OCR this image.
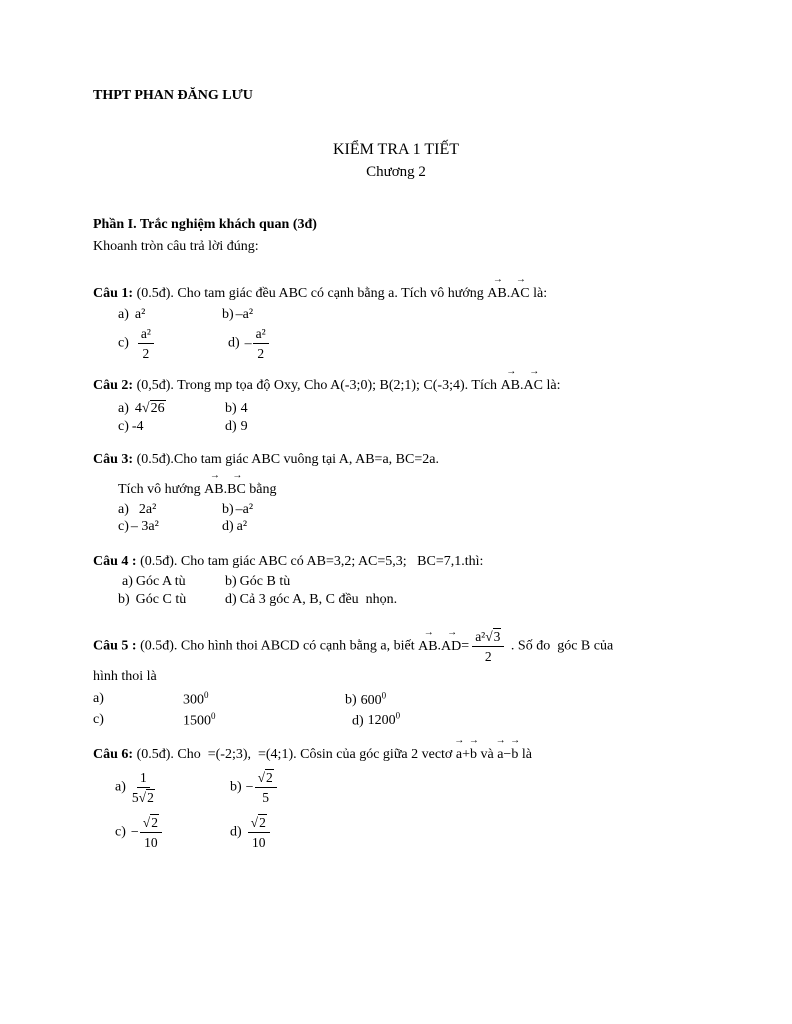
THPT PHAN ĐĂNG LƯU
KIỂM TRA 1 TIẾT
Chương 2
Phần I. Trắc nghiệm khách quan (3đ)
Khoanh tròn câu trả lời đúng:
Câu 1: (0.5đ). Cho tam giác đều ABC có cạnh bằng a. Tích vô hướng
→
AB.
→
AC là:
a) a²	b) –a²
$c) \frac{\text{a²}}{2}$	$d) - \frac{\text{a²}}{2}$
Câu 2: (0,5đ). Trong mp tọa độ Oxy, Cho A(-3;0); B(2;1); C(-3;4). Tích
→
AB.
→
AC là:
a) 4√26	b) 4
c) -4	d) 9
Câu 3: (0.5đ).Cho tam giác ABC vuông tại A, AB=a, BC=2a.
Tích vô hướng
→
AB.
→
BC bằng
a) 2a²	b) –a²
c) – 3a²	d) a²
Câu 4 : (0.5đ). Cho tam giác ABC có AB=3,2; AC=5,3;   BC=7,1.thì:
a) Góc A tù	b) Góc B tù
b) Góc C tù	d) Cả 3 góc A, B, C đều  nhọn.
Câu 5 : (0.5đ). Cho hình thoi ABCD có cạnh bằng a, biết
→
AB.
→
$AD= \frac{\text{a²√3}}{2}$ . Số đo  góc B của
hình thoi là
a)	$300^0$	b) $600^0$
c)	1500$^0$	d) 1200$^0$
Câu 6: (0.5đ). Cho  =(-2;3),  =(4;1). Côsin của góc giữa 2 vectơ
→
a+
→
b và
→
a−
→
b là
$a) \frac{1}{5√2}$	$b) - \frac{√2}{5}$
$c) - \frac{√2}{10}$	$d) \frac{√2}{10}$
